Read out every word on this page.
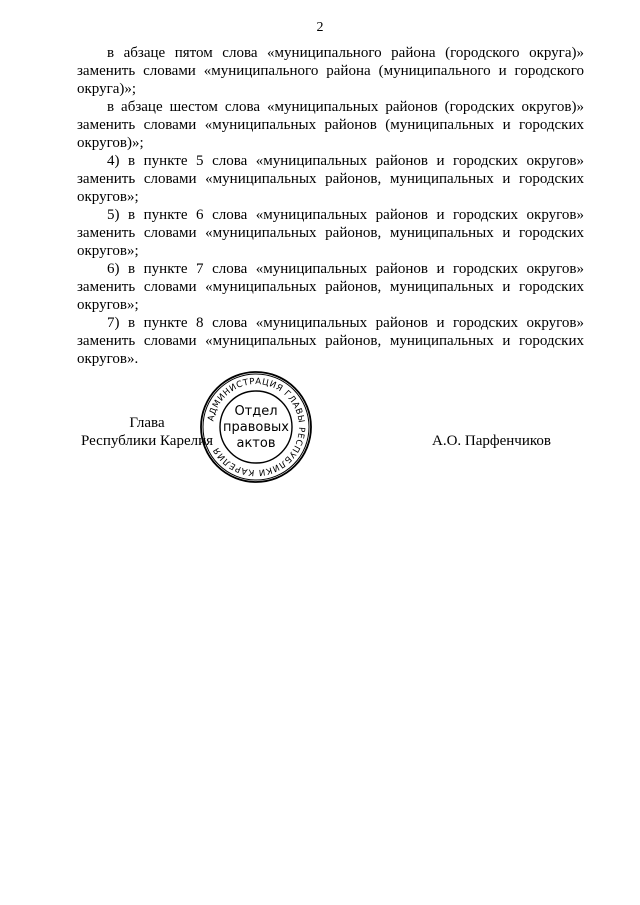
2

в абзаце пятом слова «муниципального района (городского округа)» заменить словами «муниципального района (муниципального и городского округа)»;

в абзаце шестом слова «муниципальных районов (городских округов)» заменить словами «муниципальных районов (муниципальных и городских округов)»;

4) в пункте 5 слова «муниципальных районов и городских округов» заменить словами «муниципальных районов, муниципальных и городских округов»;

5) в пункте 6 слова «муниципальных районов и городских округов» заменить словами «муниципальных районов, муниципальных и городских округов»;

6) в пункте 7 слова «муниципальных районов и городских округов» заменить словами «муниципальных районов, муниципальных и городских округов»;

7) в пункте 8 слова «муниципальных районов и городских округов» заменить словами «муниципальных районов, муниципальных и городских округов».

Глава
Республики Карелия
АДМИНИСТРАЦИЯ ГЛАВЫ РЕСПУБЛИКИ КАРЕЛИЯ
Отдел
правовых
актов	А.О. Парфенчиков
